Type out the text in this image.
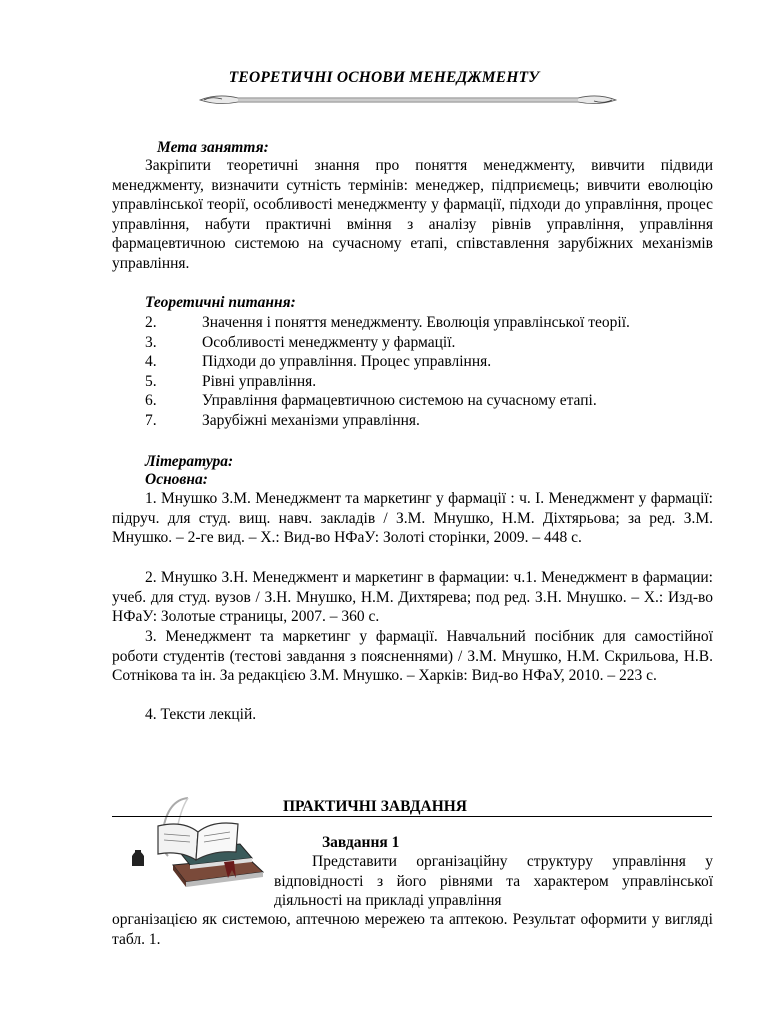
ТЕОРЕТИЧНІ ОСНОВИ МЕНЕДЖМЕНТУ
Мета заняття:

Закріпити теоретичні знання про поняття менеджменту, вивчити підвиди менеджменту, визначити сутність термінів: менеджер, підприємець; вивчити еволюцію управлінської теорії, особливості менеджменту у фармації, підходи до управління, процес управління, набути практичні вміння з аналізу рівнів управління, управління фармацевтичною системою на сучасному етапі, співставлення зарубіжних механізмів управління.

Теоретичні питання:
2.	Значення і поняття менеджменту. Еволюція управлінської теорії.
3.	Особливості менеджменту у фармації.
4.	Підходи до управління. Процес управління.
5.	Рівні управління.
6.	Управління фармацевтичною системою на сучасному етапі.
7.	Зарубіжні механізми управління.
Література:
Основна:

1. Мнушко З.М. Менеджмент та маркетинг у фармації : ч. I. Менеджмент у фармації: підруч. для студ. вищ. навч. закладів / З.М. Мнушко, Н.М. Діхтярьова; за ред. З.М. Мнушко. – 2-ге вид. – Х.: Вид-во НФаУ: Золоті сторінки, 2009. – 448 с.

2. Мнушко З.Н. Менеджмент и маркетинг в фармации: ч.1. Менеджмент в фармации: учеб. для студ. вузов / З.Н. Мнушко, Н.М. Дихтярева; под ред. З.Н. Мнушко. – Х.: Изд-во НФаУ: Золотые страницы, 2007. – 360 с.

3. Менеджмент та маркетинг у фармації. Навчальний посібник для самостійної роботи студентів (тестові завдання з поясненнями) / З.М. Мнушко, Н.М. Скрильова, Н.В. Сотнікова та ін. За редакцією З.М. Мнушко. – Харків: Вид-во НФаУ, 2010. – 223 с.

4. Тексти лекцій.

ПРАКТИЧНІ ЗАВДАННЯ
Завдання 1

Представити організаційну структуру управління у відповідності з його рівнями та характером управлінської діяльності на прикладі управління

організацією як системою, аптечною мережею та аптекою. Результат оформити у вигляді табл. 1.
